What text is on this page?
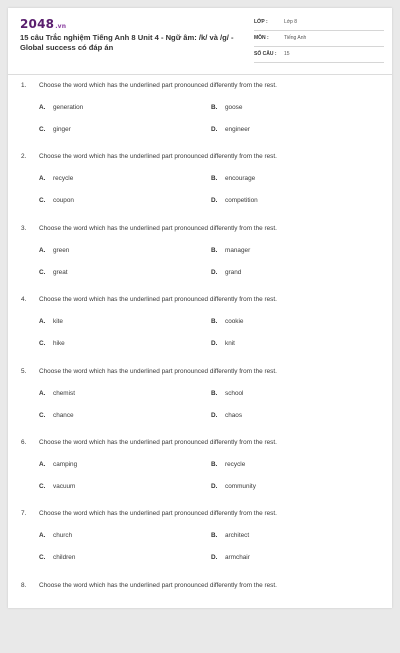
2048.vn
15 câu Trắc nghiệm Tiếng Anh 8 Unit 4 - Ngữ âm: /k/ và /g/ - Global success có đáp án
LỚP :	Lớp 8
MÔN :	Tiếng Anh
SỐ CÂU : 15
1. Choose the word which has the underlined part pronounced differently from the rest.
A. generation	B. goose
C. ginger	D. engineer
2. Choose the word which has the underlined part pronounced differently from the rest.
A. recycle	B. encourage
C. coupon	D. competition
3. Choose the word which has the underlined part pronounced differently from the rest.
A. green	B. manager
C. great	D. grand
4. Choose the word which has the underlined part pronounced differently from the rest.
A. kite	B. cookie
C. hike	D. knit
5. Choose the word which has the underlined part pronounced differently from the rest.
A. chemist	B. school
C. chance	D. chaos
6. Choose the word which has the underlined part pronounced differently from the rest.
A. camping	B. recycle
C. vacuum	D. community
7. Choose the word which has the underlined part pronounced differently from the rest.
A. church	B. architect
C. children	D. armchair
8. Choose the word which has the underlined part pronounced differently from the rest.
